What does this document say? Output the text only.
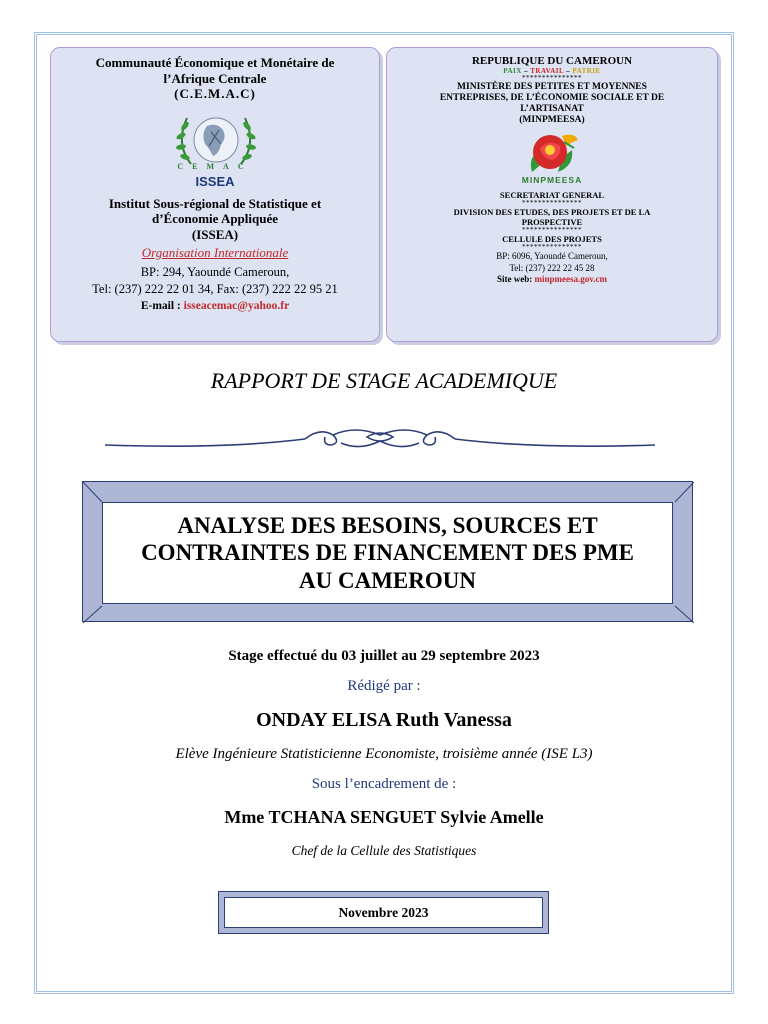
Communauté Économique et Monétaire de

l’Afrique Centrale

(C.E.M.A.C)

CEMAC
ISSEA

Institut Sous-régional de Statistique et

d’Économie Appliquée

(ISSEA)

Organisation Internationale

BP: 294, Yaoundé Cameroun,

Tel: (237) 222 22 01 34, Fax: (237) 222 22 95 21

E-mail : isseacemac@yahoo.fr

REPUBLIQUE DU CAMEROUN

PAIX – TRAVAIL – PATRIE

***************

MINISTÈRE DES PETITES ET MOYENNES

ENTREPRISES, DE L’ÉCONOMIE SOCIALE ET DE

L’ARTISANAT

(MINPMEESA)

MINPMEESA

SECRETARIAT GENERAL

***************

DIVISION DES ETUDES, DES PROJETS ET DE LA

PROSPECTIVE

***************

CELLULE DES PROJETS

***************

BP: 6096, Yaoundé Cameroun,

Tel: (237) 222 22 45 28

Site web: minpmeesa.gov.cm

RAPPORT DE STAGE ACADEMIQUE

ANALYSE DES BESOINS, SOURCES ET

CONTRAINTES DE FINANCEMENT DES PME

AU CAMEROUN

Stage effectué du 03 juillet au 29 septembre 2023

Rédigé par :

ONDAY ELISA Ruth Vanessa

Elève Ingénieure Statisticienne Economiste, troisième année (ISE L3)

Sous l’encadrement de :

Mme TCHANA SENGUET Sylvie Amelle

Chef de la Cellule des Statistiques

Novembre 2023
